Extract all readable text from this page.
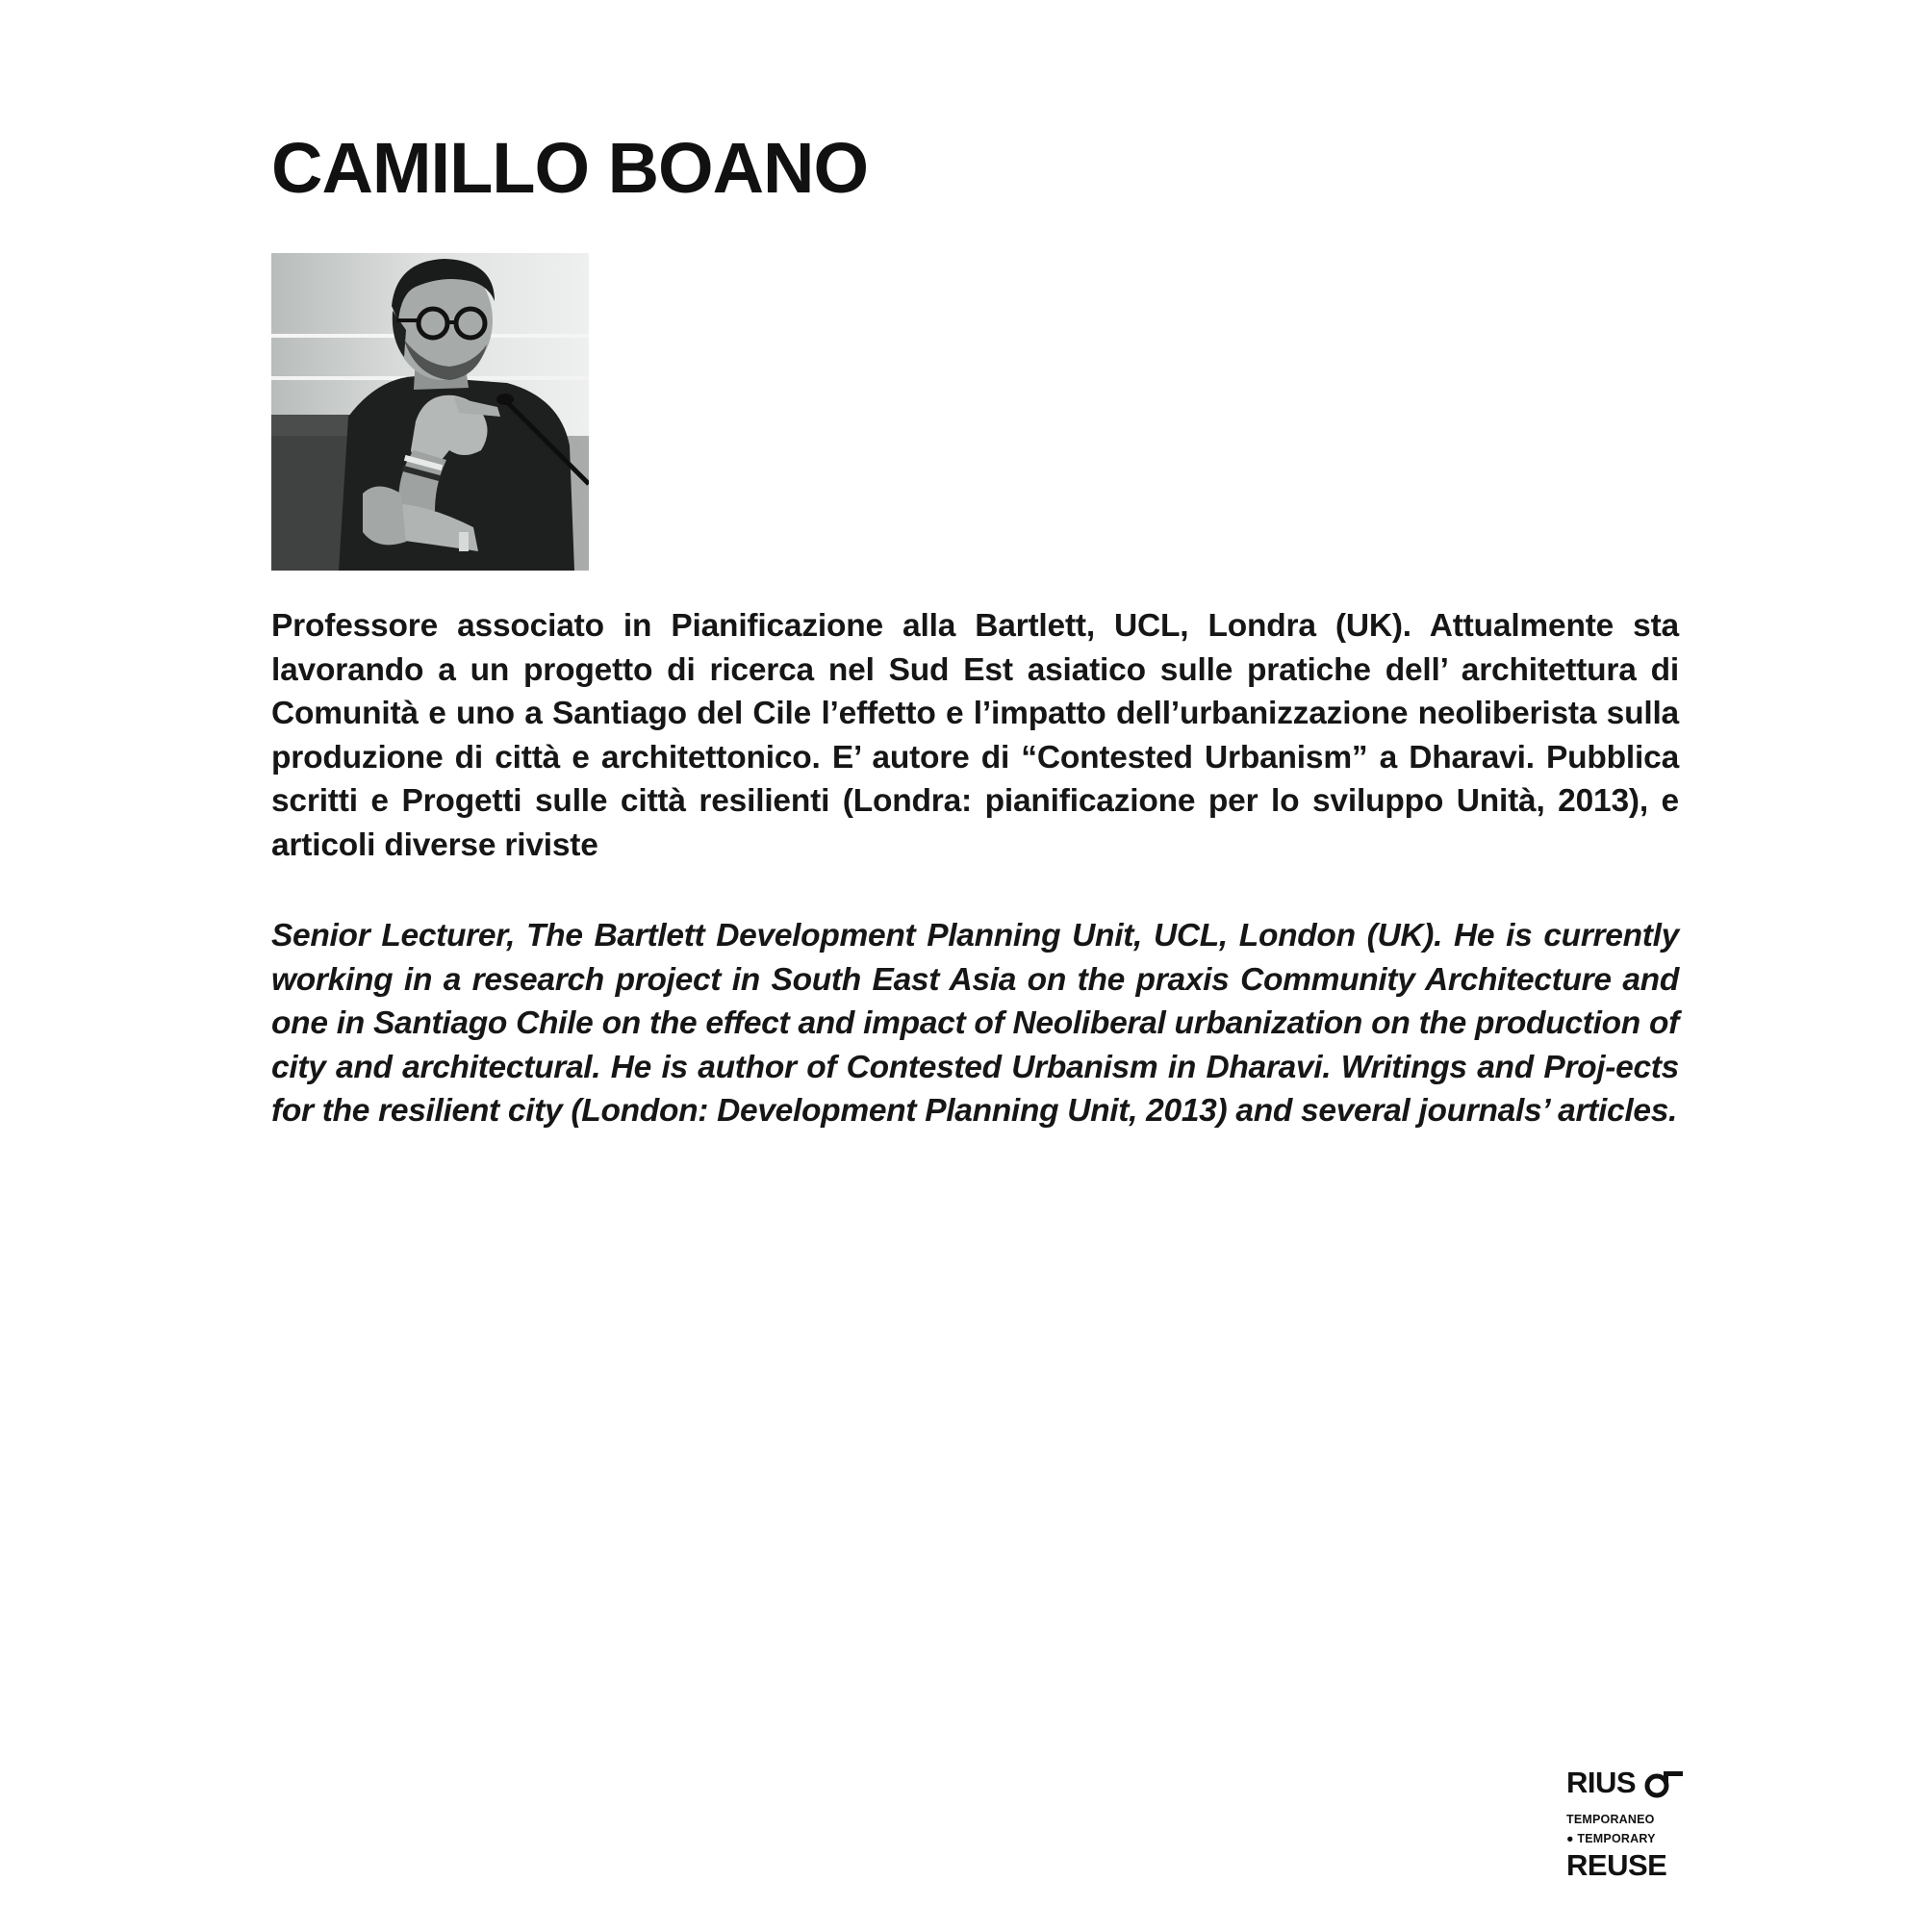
CAMILLO BOANO

Professore associato in Pianificazione alla Bartlett, UCL, Londra (UK). Attualmente sta lavorando a un progetto di ricerca nel Sud Est asiatico sulle pratiche dell’ architettura di Comunità e uno a Santiago del Cile l’effetto e l’impatto dell’urbanizzazione neoliberista sulla produzione di città e architettonico. E’ autore di “Contested Urbanism” a Dharavi. Pubblica scritti e Progetti sulle città resilienti (Londra: pianificazione per lo sviluppo Unità, 2013), e articoli diverse riviste

Senior Lecturer, The Bartlett Development Planning Unit, UCL, London (UK). He is currently working in a research project in South East Asia on the praxis Community Architecture and one in Santiago Chile on the effect and impact of Neoliberal urbanization on the production of city and architectural. He is author of Contested Urbanism in Dharavi. Writings and Proj-ects for the resilient city (London: Development Planning Unit, 2013) and several journals’ articles.

RIUS
TEMPORANEO
● TEMPORARY
REUSE
